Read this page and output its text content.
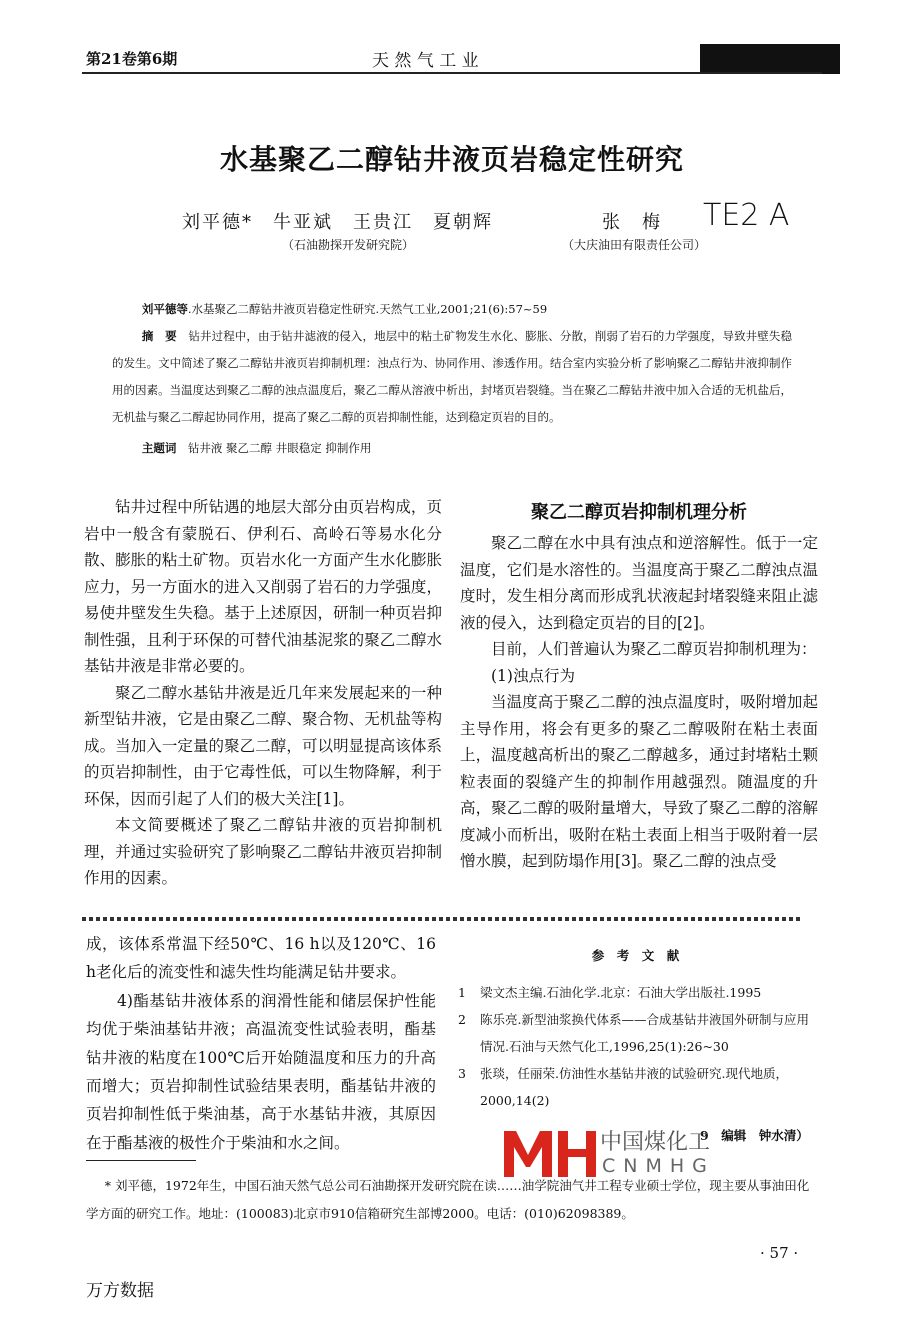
第21卷第6期	天 然 气 工 业
水基聚乙二醇钻井液页岩稳定性研究
刘平德*　牛亚斌　王贵江　夏朝辉
（石油勘探开发研究院）
张　梅
（大庆油田有限责任公司）
TE2 A
刘平德等.水基聚乙二醇钻井液页岩稳定性研究.天然气工业,2001;21(6):57~59
摘　要　 钻井过程中，由于钻井滤液的侵入，地层中的粘土矿物发生水化、膨胀、分散，削弱了岩石的力学强度，导致井壁失稳的发生。文中简述了聚乙二醇钻井液页岩抑制机理：浊点行为、协同作用、渗透作用。结合室内实验分析了影响聚乙二醇钻井液抑制作用的因素。当温度达到聚乙二醇的浊点温度后，聚乙二醇从溶液中析出，封堵页岩裂缝。当在聚乙二醇钻井液中加入合适的无机盐后，无机盐与聚乙二醇起协同作用，提高了聚乙二醇的页岩抑制性能，达到稳定页岩的目的。
主题词　 钻井液 聚乙二醇 井眼稳定 抑制作用

钻井过程中所钻遇的地层大部分由页岩构成，页岩中一般含有蒙脱石、伊利石、高岭石等易水化分散、膨胀的粘土矿物。页岩水化一方面产生水化膨胀应力，另一方面水的进入又削弱了岩石的力学强度，易使井壁发生失稳。基于上述原因，研制一种页岩抑制性强，且利于环保的可替代油基泥浆的聚乙二醇水基钻井液是非常必要的。

聚乙二醇水基钻井液是近几年来发展起来的一种新型钻井液，它是由聚乙二醇、聚合物、无机盐等构成。当加入一定量的聚乙二醇，可以明显提高该体系的页岩抑制性，由于它毒性低，可以生物降解，利于环保，因而引起了人们的极大关注[1]。

本文简要概述了聚乙二醇钻井液的页岩抑制机理，并通过实验研究了影响聚乙二醇钻井液页岩抑制作用的因素。

聚乙二醇页岩抑制机理分析

聚乙二醇在水中具有浊点和逆溶解性。低于一定温度，它们是水溶性的。当温度高于聚乙二醇浊点温度时，发生相分离而形成乳状液起封堵裂缝来阻止滤液的侵入，达到稳定页岩的目的[2]。

目前，人们普遍认为聚乙二醇页岩抑制机理为：

(1)浊点行为

当温度高于聚乙二醇的浊点温度时，吸附增加起主导作用，将会有更多的聚乙二醇吸附在粘土表面上，温度越高析出的聚乙二醇越多，通过封堵粘土颗粒表面的裂缝产生的抑制作用越强烈。随温度的升高，聚乙二醇的吸附量增大，导致了聚乙二醇的溶解度减小而析出，吸附在粘土表面上相当于吸附着一层憎水膜，起到防塌作用[3]。聚乙二醇的浊点受

成，该体系常温下经50℃、16 h以及120℃、16 h老化后的流变性和滤失性均能满足钻井要求。

4)酯基钻井液体系的润滑性能和储层保护性能均优于柴油基钻井液；高温流变性试验表明，酯基钻井液的粘度在100℃后开始随温度和压力的升高而增大；页岩抑制性试验结果表明，酯基钻井液的页岩抑制性低于柴油基，高于水基钻井液，其原因在于酯基液的极性介于柴油和水之间。

参　考　文　献
1	梁文杰主编.石油化学.北京：石油大学出版社.1995
2	陈乐亮.新型油浆换代体系——合成基钻井液国外研制与应用情况.石油与天然气化工,1996,25(1):26~30
3	张琰，任丽荣.仿油性水基钻井液的试验研究.现代地质，2000,14(2)
9　编辑　钟水清）
中国煤化工
CNMHG
* 刘平德，1972年生，中国石油天然气总公司石油勘探开发研究院在读……油学院油气井工程专业硕士学位，现主要从事油田化学方面的研究工作。地址：(100083)北京市910信箱研究生部博2000。电话：(010)62098389。
· 57 ·
万方数据
